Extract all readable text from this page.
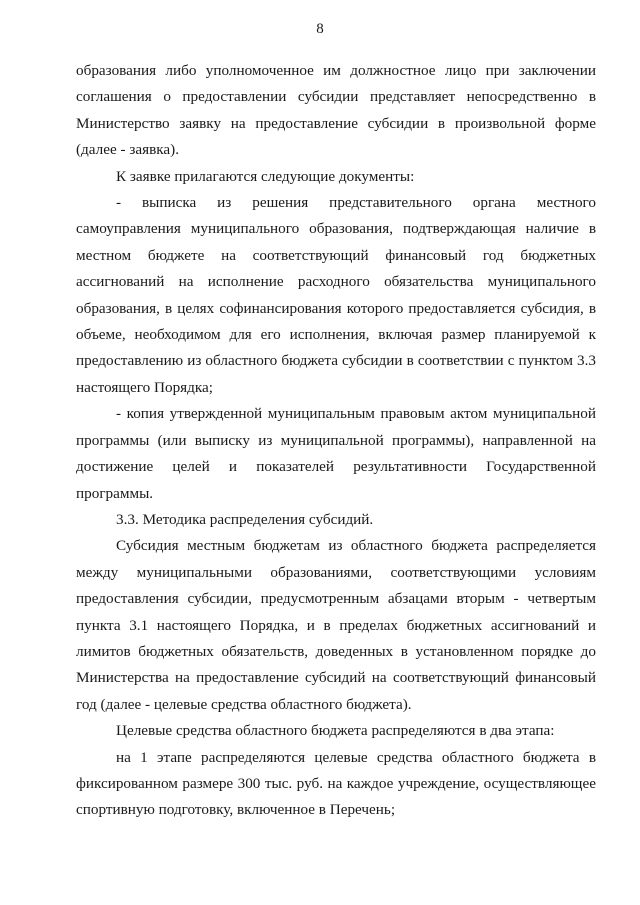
8

образования либо уполномоченное им должностное лицо при заключении соглашения о предоставлении субсидии представляет непосредственно в Министерство заявку на предоставление субсидии в произвольной форме (далее - заявка).

К заявке прилагаются следующие документы:

- выписка из решения представительного органа местного самоуправления муниципального образования, подтверждающая наличие в местном бюджете на соответствующий финансовый год бюджетных ассигнований на исполнение расходного обязательства муниципального образования, в целях софинансирования которого предоставляется субсидия, в объеме, необходимом для его исполнения, включая размер планируемой к предоставлению из областного бюджета субсидии в соответствии с пунктом 3.3 настоящего Порядка;

- копия утвержденной муниципальным правовым актом муниципальной программы (или выписку из муниципальной программы), направленной на достижение целей и показателей результативности Государственной программы.

3.3. Методика распределения субсидий.

Субсидия местным бюджетам из областного бюджета распределяется между муниципальными образованиями, соответствующими условиям предоставления субсидии, предусмотренным абзацами вторым - четвертым пункта 3.1 настоящего Порядка, и в пределах бюджетных ассигнований и лимитов бюджетных обязательств, доведенных в установленном порядке до Министерства на предоставление субсидий на соответствующий финансовый год (далее - целевые средства областного бюджета).

Целевые средства областного бюджета распределяются в два этапа:

на 1 этапе распределяются целевые средства областного бюджета в фиксированном размере 300 тыс. руб. на каждое учреждение, осуществляющее спортивную подготовку, включенное в Перечень;
